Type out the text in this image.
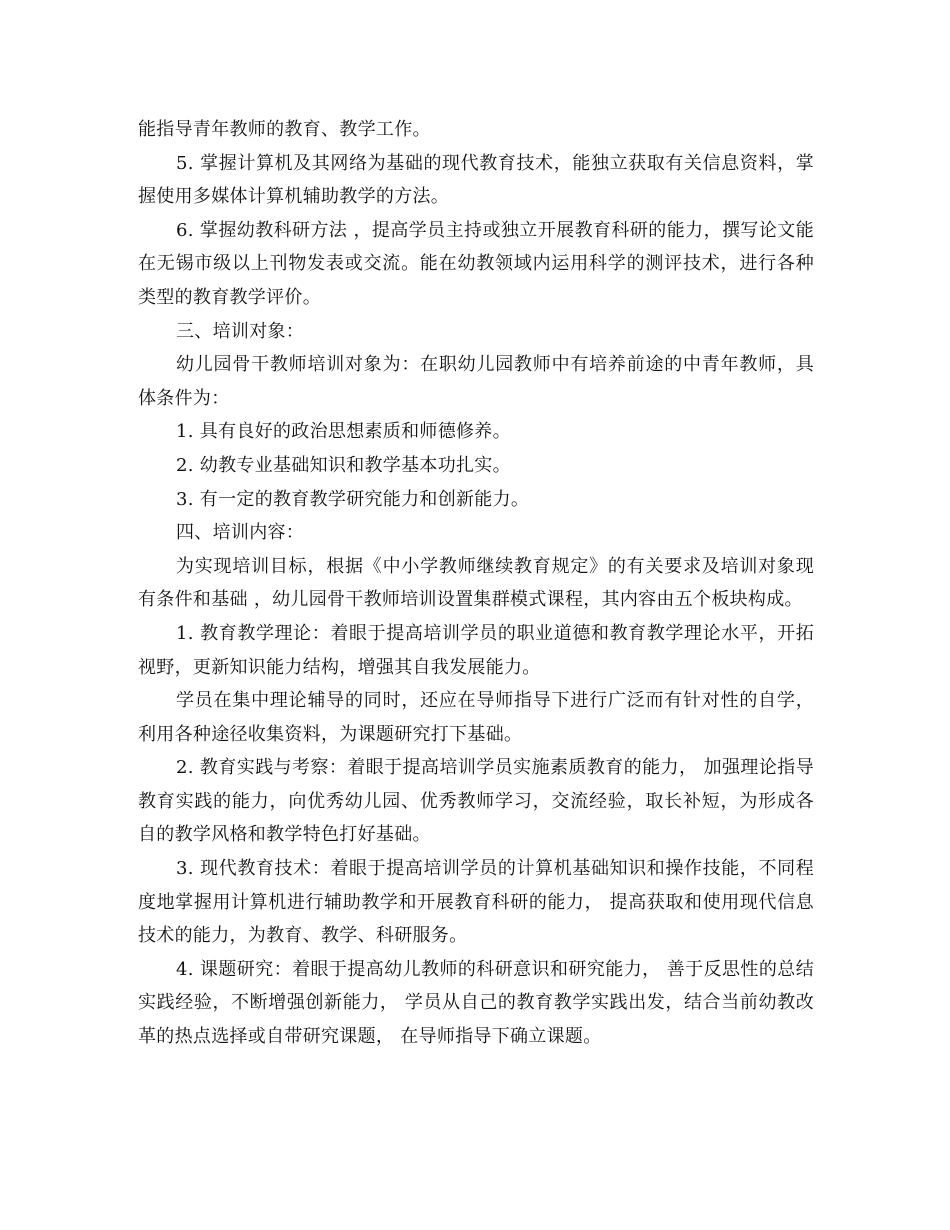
能指导青年教师的教育、教学工作。

5. 掌握计算机及其网络为基础的现代教育技术，能独立获取有关信息资料，掌握使用多媒体计算机辅助教学的方法。

6. 掌握幼教科研方法 ，提高学员主持或独立开展教育科研的能力，撰写论文能在无锡市级以上刊物发表或交流。能在幼教领域内运用科学的测评技术，进行各种类型的教育教学评价。

三、培训对象：

幼儿园骨干教师培训对象为：在职幼儿园教师中有培养前途的中青年教师，具体条件为：

1. 具有良好的政治思想素质和师德修养。

2. 幼教专业基础知识和教学基本功扎实。

3. 有一定的教育教学研究能力和创新能力。

四、培训内容：

为实现培训目标，根据《中小学教师继续教育规定》的有关要求及培训对象现有条件和基础 ，幼儿园骨干教师培训设置集群模式课程，其内容由五个板块构成。

1. 教育教学理论：着眼于提高培训学员的职业道德和教育教学理论水平，开拓视野，更新知识能力结构，增强其自我发展能力。

学员在集中理论辅导的同时，还应在导师指导下进行广泛而有针对性的自学，利用各种途径收集资料，为课题研究打下基础。

2. 教育实践与考察：着眼于提高培训学员实施素质教育的能力， 加强理论指导教育实践的能力，向优秀幼儿园、优秀教师学习，交流经验，取长补短，为形成各自的教学风格和教学特色打好基础。

3. 现代教育技术：着眼于提高培训学员的计算机基础知识和操作技能，不同程度地掌握用计算机进行辅助教学和开展教育科研的能力， 提高获取和使用现代信息技术的能力，为教育、教学、科研服务。

4. 课题研究：着眼于提高幼儿教师的科研意识和研究能力， 善于反思性的总结实践经验，不断增强创新能力， 学员从自己的教育教学实践出发，结合当前幼教改革的热点选择或自带研究课题， 在导师指导下确立课题。
